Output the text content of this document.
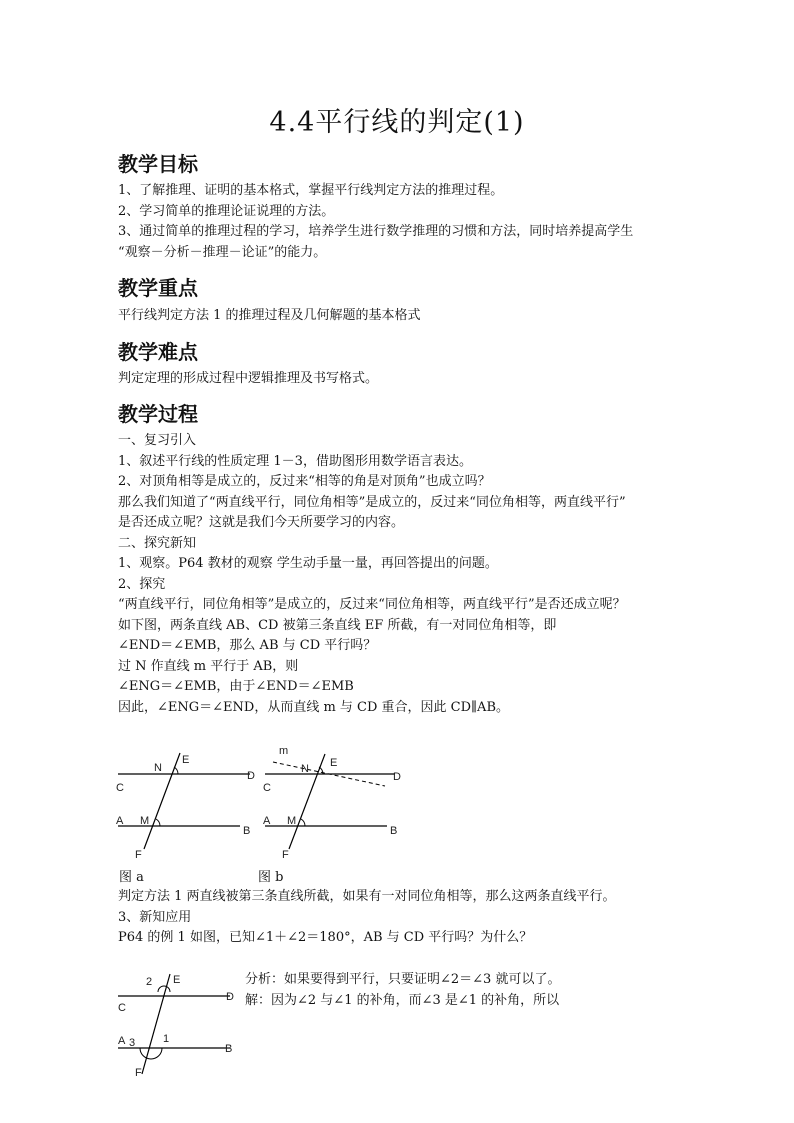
4.4平行线的判定(1)
教学目标
1、了解推理、证明的基本格式，掌握平行线判定方法的推理过程。
2、学习简单的推理论证说理的方法。
3、通过简单的推理过程的学习，培养学生进行数学推理的习惯和方法，同时培养提高学生
“观察－分析－推理－论证”的能力。
教学重点
平行线判定方法 1 的推理过程及几何解题的基本格式
教学难点
判定定理的形成过程中逻辑推理及书写格式。
教学过程
一、复习引入
1、叙述平行线的性质定理 1－3，借助图形用数学语言表达。
2、对顶角相等是成立的，反过来“相等的角是对顶角”也成立吗？
那么我们知道了“两直线平行，同位角相等”是成立的，反过来“同位角相等，两直线平行”
是否还成立呢？这就是我们今天所要学习的内容。
二、探究新知
1、观察。P64 教材的观察 学生动手量一量，再回答提出的问题。
2、探究
“两直线平行，同位角相等”是成立的，反过来“同位角相等，两直线平行”是否还成立呢？
如下图，两条直线 AB、CD 被第三条直线 EF 所截，有一对同位角相等，即
∠END＝∠EMB，那么 AB 与 CD 平行吗？
过 N 作直线 m 平行于 AB，则
∠ENG＝∠EMB，由于∠END＝∠EMB
因此，∠ENG＝∠END，从而直线 m 与 CD 重合，因此 CD∥AB。
E
N
D
C
A M
B
F
图 a
m
N E
D
C
A M
B
F
图 b
判定方法 1 两直线被第三条直线所截，如果有一对同位角相等，那么这两条直线平行。
3、新知应用
P64 的例 1 如图，已知∠1＋∠2＝180°，AB 与 CD 平行吗？为什么？
2 E
D
C
A 3	1
B
F
分析：如果要得到平行，只要证明∠2＝∠3 就可以了。
解：因为∠2 与∠1 的补角，而∠3 是∠1 的补角，所以
